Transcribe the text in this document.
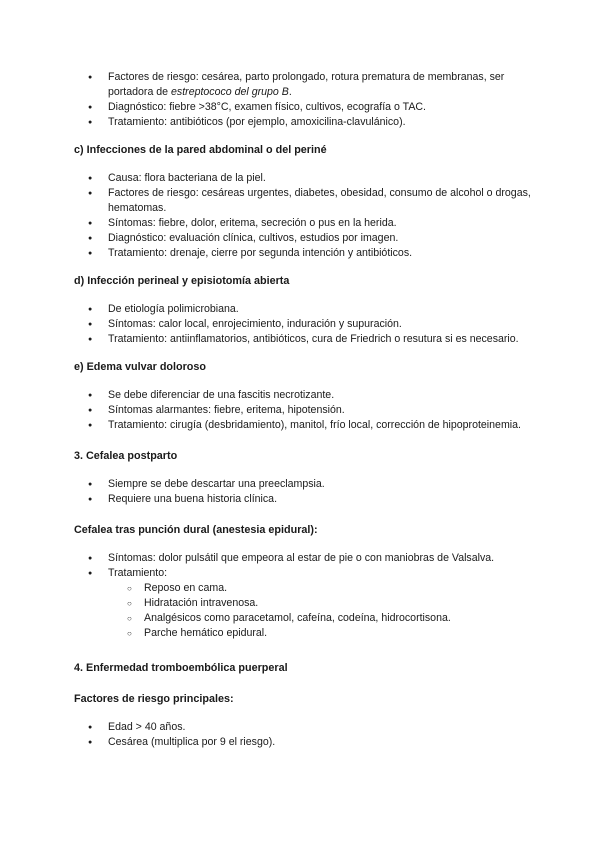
● Factores de riesgo: cesárea, parto prolongado, rotura prematura de membranas, ser portadora de estreptococo del grupo B.
● Diagnóstico: fiebre >38°C, examen físico, cultivos, ecografía o TAC.
● Tratamiento: antibióticos (por ejemplo, amoxicilina-clavulánico).
c) Infecciones de la pared abdominal o del periné
● Causa: flora bacteriana de la piel.
● Factores de riesgo: cesáreas urgentes, diabetes, obesidad, consumo de alcohol o drogas, hematomas.
● Síntomas: fiebre, dolor, eritema, secreción o pus en la herida.
● Diagnóstico: evaluación clínica, cultivos, estudios por imagen.
● Tratamiento: drenaje, cierre por segunda intención y antibióticos.
d) Infección perineal y episiotomía abierta
● De etiología polimicrobiana.
● Síntomas: calor local, enrojecimiento, induración y supuración.
● Tratamiento: antiinflamatorios, antibióticos, cura de Friedrich o resutura si es necesario.
e) Edema vulvar doloroso
● Se debe diferenciar de una fascitis necrotizante.
● Síntomas alarmantes: fiebre, eritema, hipotensión.
● Tratamiento: cirugía (desbridamiento), manitol, frío local, corrección de hipoproteinemia.
3. Cefalea postparto
● Siempre se debe descartar una preeclampsia.
● Requiere una buena historia clínica.
Cefalea tras punción dural (anestesia epidural):
● Síntomas: dolor pulsátil que empeora al estar de pie o con maniobras de Valsalva.
● Tratamiento:
○ Reposo en cama.
○ Hidratación intravenosa.
○ Analgésicos como paracetamol, cafeína, codeína, hidrocortisona.
○ Parche hemático epidural.
4. Enfermedad tromboembólica puerperal
Factores de riesgo principales:
● Edad > 40 años.
● Cesárea (multiplica por 9 el riesgo).
